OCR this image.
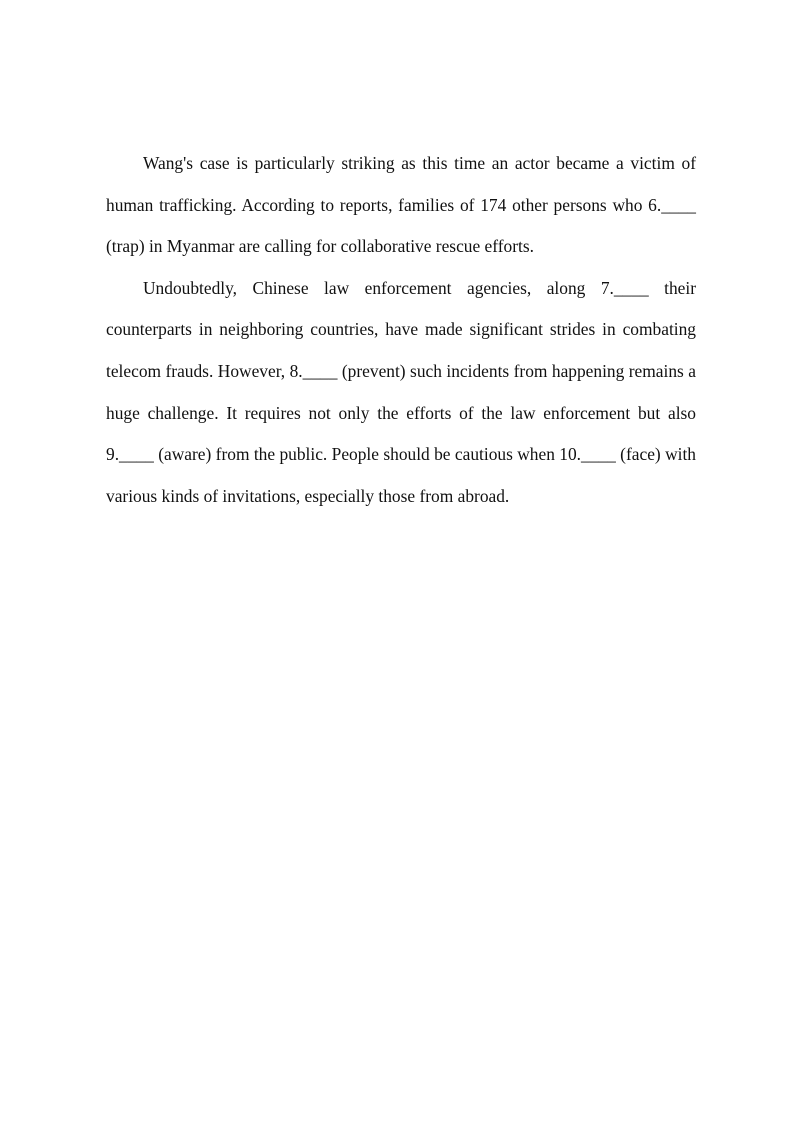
Wang's case is particularly striking as this time an actor became a victim of human trafficking. According to reports, families of 174 other persons who 6.____ (trap) in Myanmar are calling for collaborative rescue efforts.

Undoubtedly, Chinese law enforcement agencies, along 7.____ their counterparts in neighboring countries, have made significant strides in combating telecom frauds. However, 8.____ (prevent) such incidents from happening remains a huge challenge. It requires not only the efforts of the law enforcement but also 9.____ (aware) from the public. People should be cautious when 10.____ (face) with various kinds of invitations, especially those from abroad.
